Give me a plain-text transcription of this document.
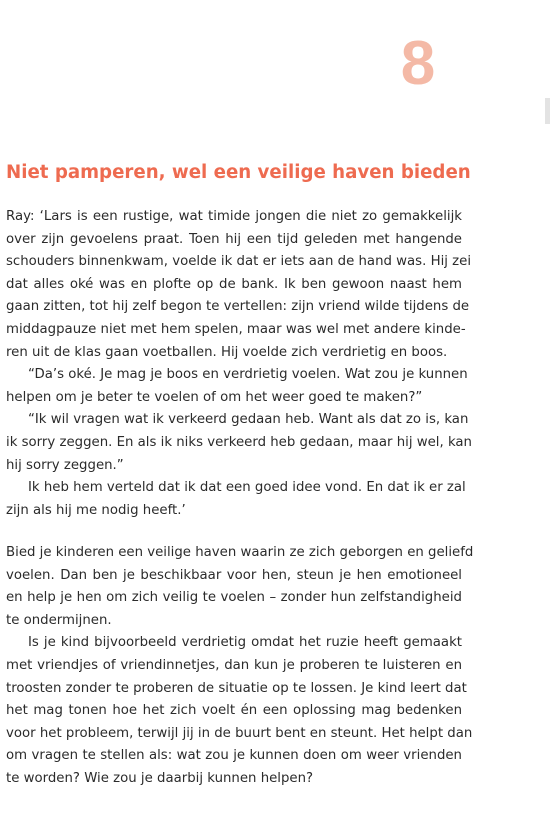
8
Niet pamperen, wel een veilige haven bieden
Ray: ‘Lars is een rustige, wat timide jongen die niet zo gemakkelijk
over zijn gevoelens praat. Toen hij een tijd geleden met hangende
schouders binnenkwam, voelde ik dat er iets aan de hand was. Hij zei
dat alles oké was en plofte op de bank. Ik ben gewoon naast hem
gaan zitten, tot hij zelf begon te vertellen: zijn vriend wilde tijdens de
middagpauze niet met hem spelen, maar was wel met andere kinde-
ren uit de klas gaan voetballen. Hij voelde zich verdrietig en boos.
“Da’s oké. Je mag je boos en verdrietig voelen. Wat zou je kunnen
helpen om je beter te voelen of om het weer goed te maken?”
“Ik wil vragen wat ik verkeerd gedaan heb. Want als dat zo is, kan
ik sorry zeggen. En als ik niks verkeerd heb gedaan, maar hij wel, kan
hij sorry zeggen.”
Ik heb hem verteld dat ik dat een goed idee vond. En dat ik er zal
zijn als hij me nodig heeft.’
Bied je kinderen een veilige haven waarin ze zich geborgen en geliefd
voelen. Dan ben je beschikbaar voor hen, steun je hen emotioneel
en help je hen om zich veilig te voelen – zonder hun zelfstandigheid
te ondermijnen.
Is je kind bijvoorbeeld verdrietig omdat het ruzie heeft gemaakt
met vriendjes of vriendinnetjes, dan kun je proberen te luisteren en
troosten zonder te proberen de situatie op te lossen. Je kind leert dat
het mag tonen hoe het zich voelt én een oplossing mag bedenken
voor het probleem, terwijl jij in de buurt bent en steunt. Het helpt dan
om vragen te stellen als: wat zou je kunnen doen om weer vrienden
te worden? Wie zou je daarbij kunnen helpen?
